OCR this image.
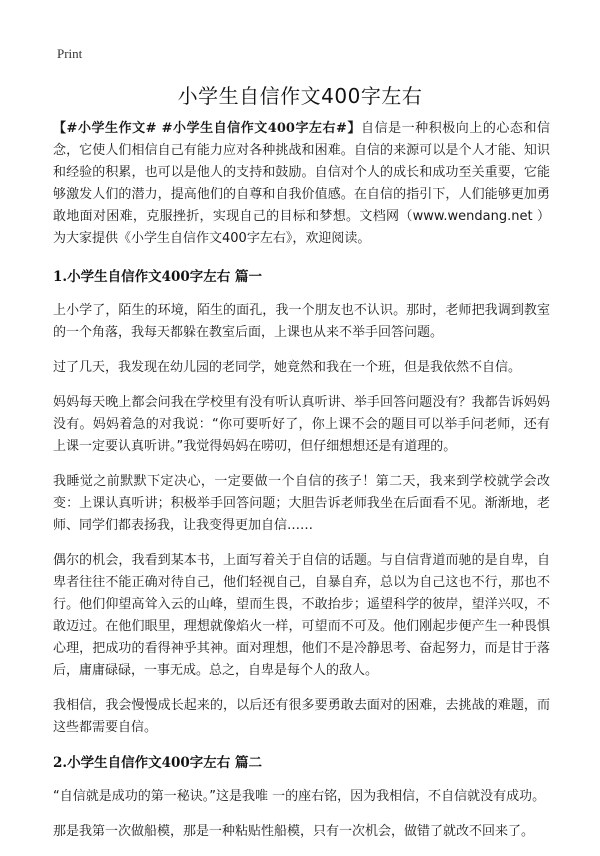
Print
小学生自信作文400字左右

【#小学生作文# #小学生自信作文400字左右#】自信是一种积极向上的心态和信念，它使人们相信自己有能力应对各种挑战和困难。自信的来源可以是个人才能、知识和经验的积累，也可以是他人的支持和鼓励。自信对个人的成长和成功至关重要，它能够激发人们的潜力，提高他们的自尊和自我价值感。在自信的指引下，人们能够更加勇敢地面对困难，克服挫折，实现自己的目标和梦想。文档网（www.wendang.net ）为大家提供《小学生自信作文400字左右》，欢迎阅读。

1.小学生自信作文400字左右 篇一

上小学了，陌生的环境，陌生的面孔，我一个朋友也不认识。那时，老师把我调到教室的一个角落，我每天都躲在教室后面，上课也从来不举手回答问题。

过了几天，我发现在幼儿园的老同学，她竟然和我在一个班，但是我依然不自信。

妈妈每天晚上都会问我在学校里有没有听认真听讲、举手回答问题没有？我都告诉妈妈没有。妈妈着急的对我说：“你可要听好了，你上课不会的题目可以举手问老师，还有上课一定要认真听讲。”我觉得妈妈在唠叨，但仔细想想还是有道理的。

我睡觉之前默默下定决心，一定要做一个自信的孩子！第二天，我来到学校就学会改变：上课认真听讲；积极举手回答问题；大胆告诉老师我坐在后面看不见。渐渐地，老师、同学们都表扬我，让我变得更加自信……

偶尔的机会，我看到某本书，上面写着关于自信的话题。与自信背道而驰的是自卑，自卑者往往不能正确对待自己，他们轻视自己，自暴自弃，总以为自己这也不行，那也不行。他们仰望高耸入云的山峰，望而生畏，不敢抬步；遥望科学的彼岸，望洋兴叹，不敢迈过。在他们眼里，理想就像焰火一样，可望而不可及。他们刚起步便产生一种畏惧心理，把成功的看得神乎其神。面对理想，他们不是冷静思考、奋起努力，而是甘于落后，庸庸碌碌，一事无成。总之，自卑是每个人的敌人。

我相信，我会慢慢成长起来的，以后还有很多要勇敢去面对的困难，去挑战的难题，而这些都需要自信。

2.小学生自信作文400字左右 篇二

“自信就是成功的第一秘诀。”这是我唯 一的座右铭，因为我相信，不自信就没有成功。

那是我第一次做船模，那是一种粘贴性船模，只有一次机会，做错了就改不回来了。
